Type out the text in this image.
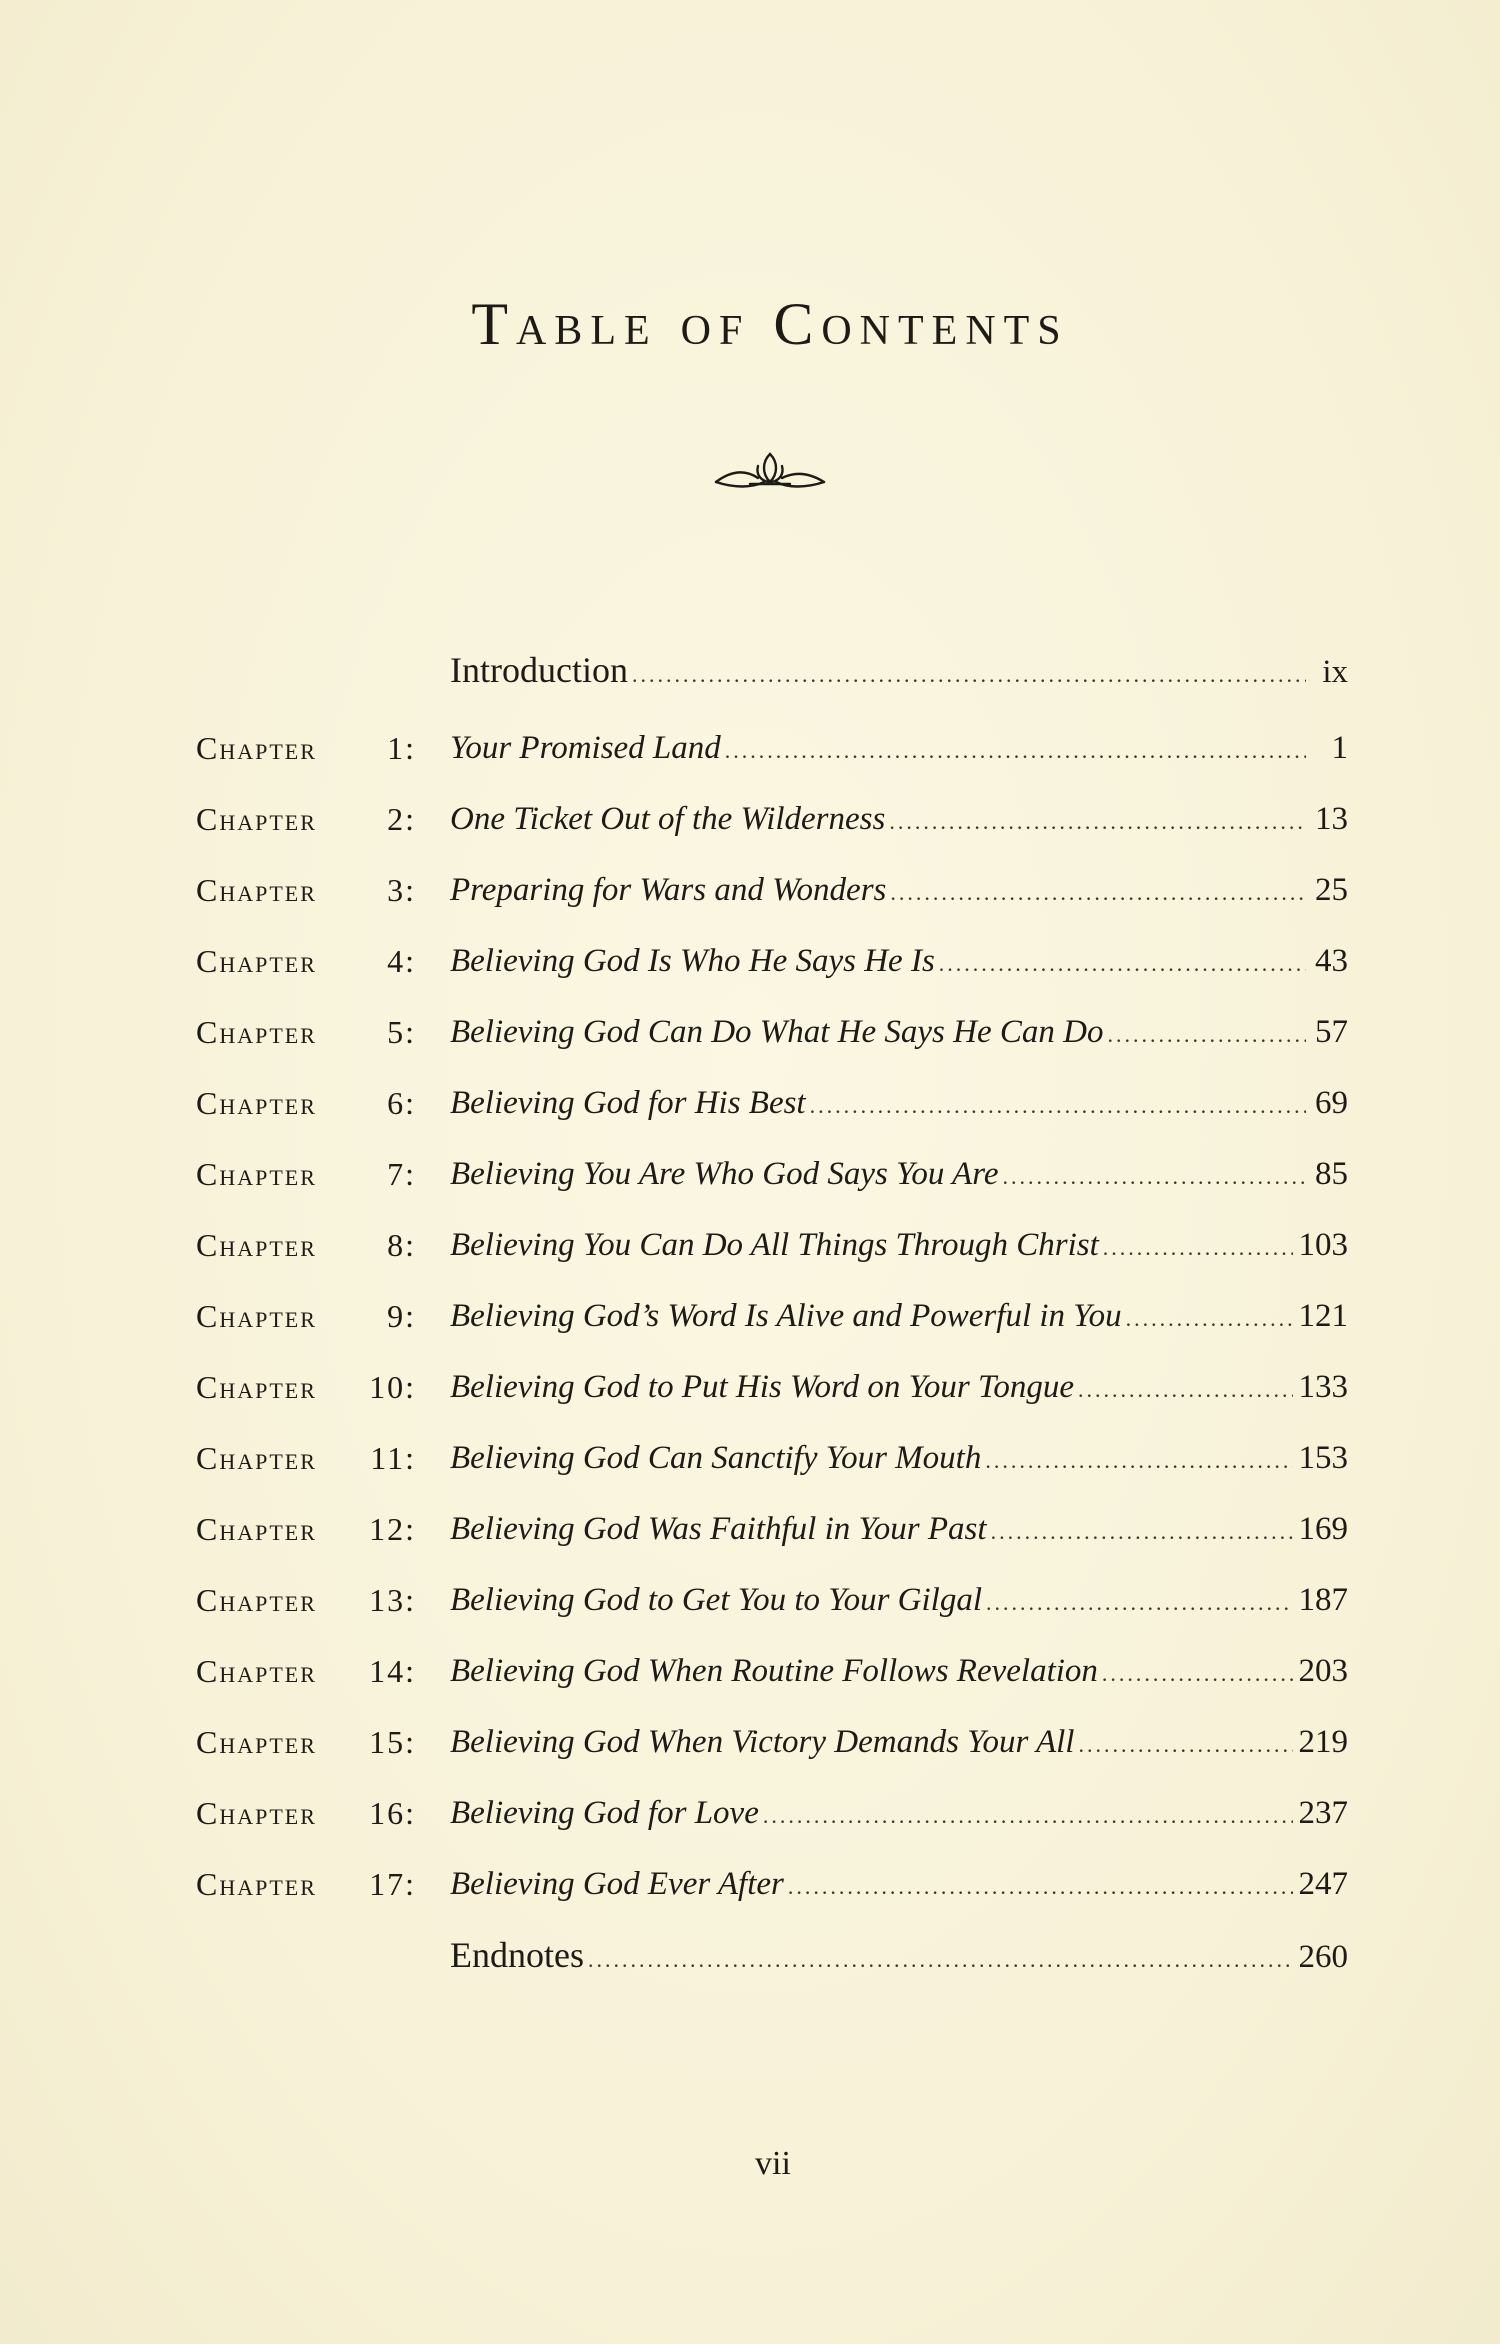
Table of Contents
Introduction .....	ix
Chapter 1: Your Promised Land .....	1
Chapter 2: One Ticket Out of the Wilderness .....	13
Chapter 3: Preparing for Wars and Wonders .....	25
Chapter 4: Believing God Is Who He Says He Is .....	43
Chapter 5: Believing God Can Do What He Says He Can Do .....	57
Chapter 6: Believing God for His Best .....	69
Chapter 7: Believing You Are Who God Says You Are .....	85
Chapter 8: Believing You Can Do All Things Through Christ .....	103
Chapter 9: Believing God’s Word Is Alive and Powerful in You .....	121
Chapter 10: Believing God to Put His Word on Your Tongue .....	133
Chapter 11: Believing God Can Sanctify Your Mouth .....	153
Chapter 12: Believing God Was Faithful in Your Past .....	169
Chapter 13: Believing God to Get You to Your Gilgal .....	187
Chapter 14: Believing God When Routine Follows Revelation .....	203
Chapter 15: Believing God When Victory Demands Your All .....	219
Chapter 16: Believing God for Love .....	237
Chapter 17: Believing God Ever After .....	247
Endnotes .....	260
vii
